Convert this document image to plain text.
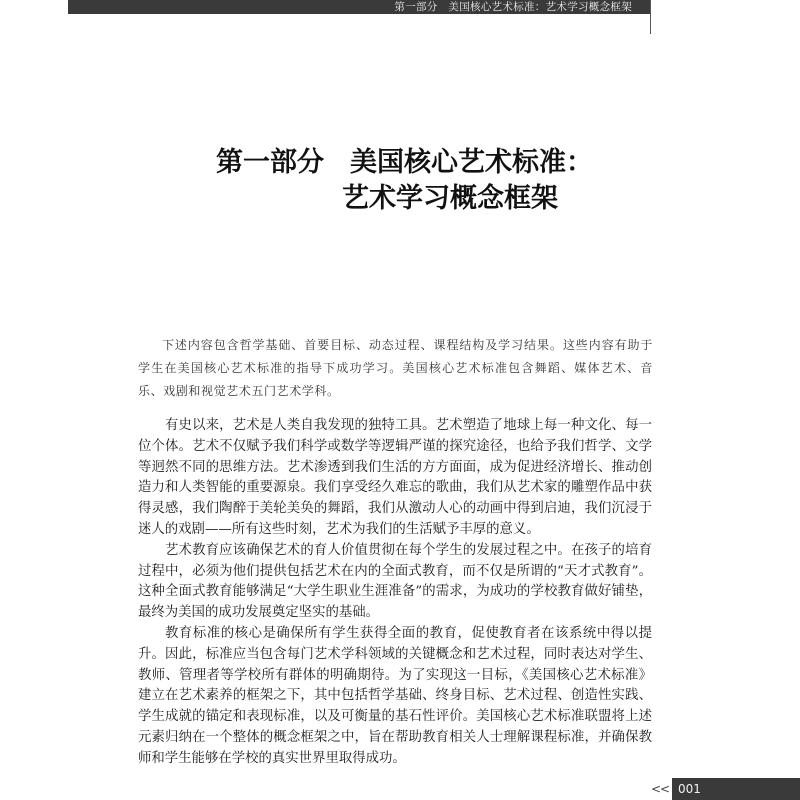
第一部分　美国核心艺术标准：艺术学习概念框架
第一部分 美国核心艺术标准：
艺术学习概念框架
下述内容包含哲学基础、首要目标、动态过程、课程结构及学习结果。这些内容有助于学生在美国核心艺术标准的指导下成功学习。美国核心艺术标准包含舞蹈、媒体艺术、音乐、戏剧和视觉艺术五门艺术学科。

有史以来，艺术是人类自我发现的独特工具。艺术塑造了地球上每一种文化、每一位个体。艺术不仅赋予我们科学或数学等逻辑严谨的探究途径，也给予我们哲学、文学等迥然不同的思维方法。艺术渗透到我们生活的方方面面，成为促进经济增长、推动创造力和人类智能的重要源泉。我们享受经久难忘的歌曲，我们从艺术家的雕塑作品中获得灵感，我们陶醉于美轮美奂的舞蹈，我们从激动人心的动画中得到启迪，我们沉浸于迷人的戏剧——所有这些时刻，艺术为我们的生活赋予丰厚的意义。

艺术教育应该确保艺术的育人价值贯彻在每个学生的发展过程之中。在孩子的培育过程中，必须为他们提供包括艺术在内的全面式教育，而不仅是所谓的“天才式教育”。这种全面式教育能够满足“大学生职业生涯准备”的需求，为成功的学校教育做好铺垫，最终为美国的成功发展奠定坚实的基础。

教育标准的核心是确保所有学生获得全面的教育，促使教育者在该系统中得以提升。因此，标准应当包含每门艺术学科领域的关键概念和艺术过程，同时表达对学生、教师、管理者等学校所有群体的明确期待。为了实现这一目标，《美国核心艺术标准》建立在艺术素养的框架之下，其中包括哲学基础、终身目标、艺术过程、创造性实践、学生成就的锚定和表现标准，以及可衡量的基石性评价。美国核心艺术标准联盟将上述元素归纳在一个整体的概念框架之中，旨在帮助教育相关人士理解课程标准，并确保教师和学生能够在学校的真实世界里取得成功。

<< 001
